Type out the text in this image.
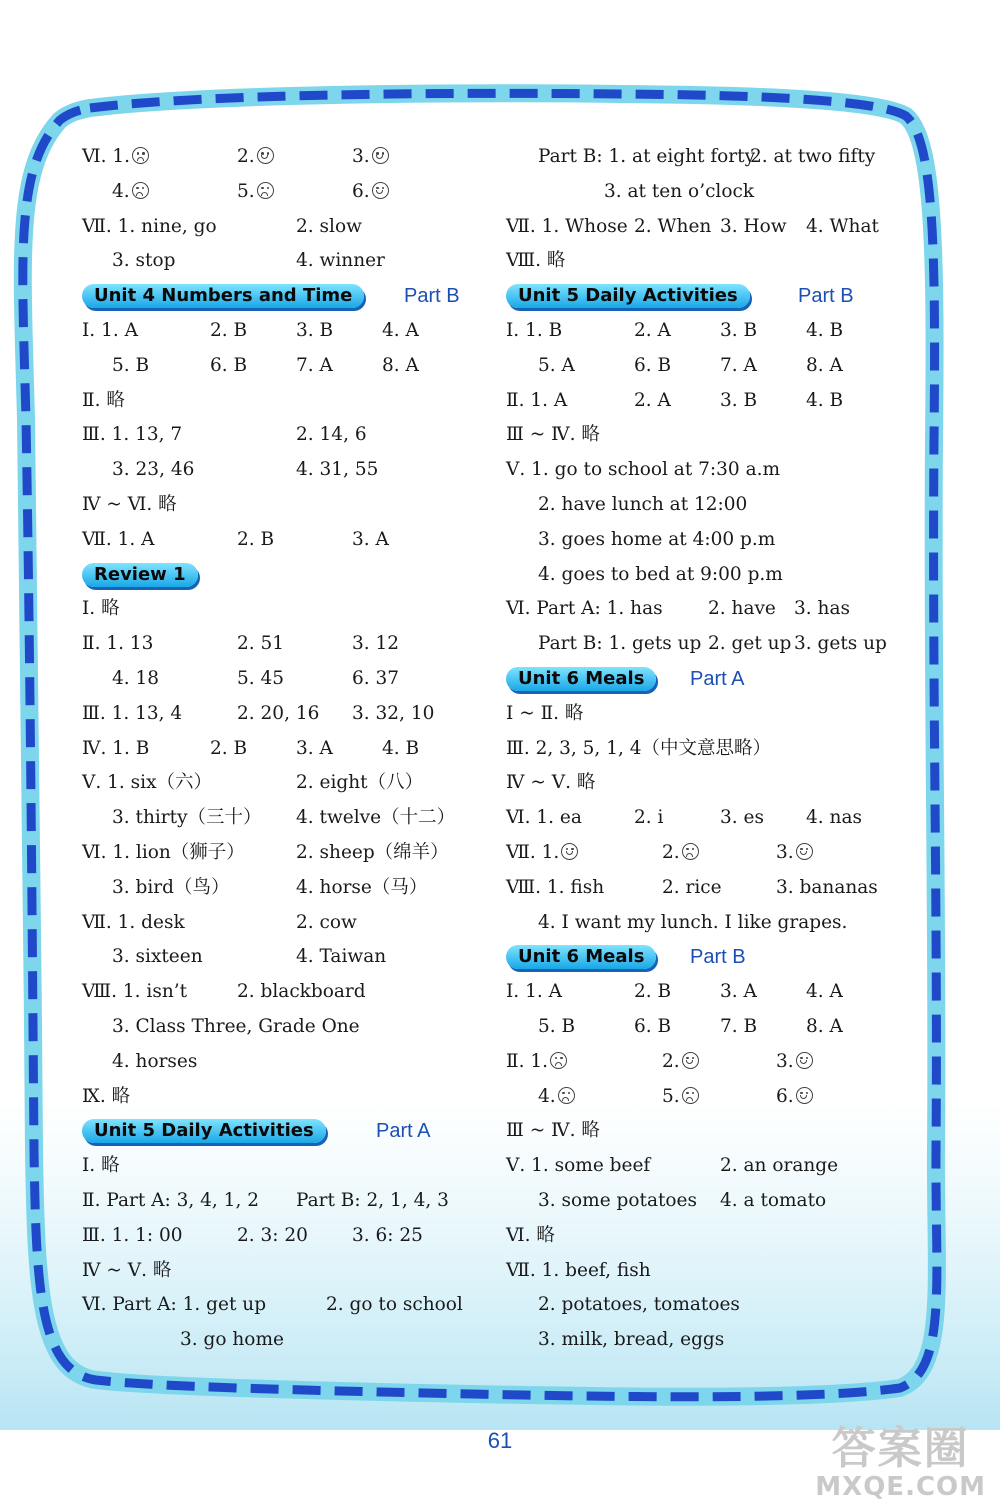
Ⅵ. 1.	2.	3.
4.	5.	6.
Ⅶ. 1. nine, go	2. slow
3. stop	4. winner
Unit 4 Numbers and Time	Part B
Ⅰ. 1. A	2. B	3. B	4. A
5. B	6. B	7. A	8. A
Ⅱ. 略
Ⅲ. 1. 13, 7	2. 14, 6
3. 23, 46	4. 31, 55
Ⅳ ~ Ⅵ. 略
Ⅶ. 1. A	2. B	3. A
Review 1
Ⅰ. 略
Ⅱ. 1. 13	2. 51	3. 12
4. 18	5. 45	6. 37
Ⅲ. 1. 13, 4	2. 20, 16 3. 32, 10
Ⅳ. 1. B	2. B	3. A	4. B
Ⅴ. 1. six（六）	2. eight（八）
3. thirty（三十） 4. twelve（十二）
Ⅵ. 1. lion（狮子）	2. sheep（绵羊）
3. bird（鸟）	4. horse（马）
Ⅶ. 1. desk	2. cow
3. sixteen	4. Taiwan
Ⅷ. 1. isn’t	2. blackboard
3. Class Three, Grade One
4. horses
Ⅸ. 略
Unit 5 Daily Activities	Part A
Ⅰ. 略
Ⅱ. Part A: 3, 4, 1, 2 Part B: 2, 1, 4, 3
Ⅲ. 1. 1: 00	2. 3: 20 3. 6: 25
Ⅳ ~ Ⅴ. 略
Ⅵ. Part A: 1. get up	2. go to school
3. go home
Part B: 1. at eight forty
2. at two fifty
3. at ten o’clock
Ⅶ. 1. Whose 2. When 3. How 4. What
Ⅷ. 略
Unit 5 Daily Activities	Part B
Ⅰ. 1. B	2. A	3. B	4. B
5. A	6. B	7. A	8. A
Ⅱ. 1. A	2. A	3. B	4. B
Ⅲ ~ Ⅳ. 略
Ⅴ. 1. go to school at 7:30 a.m
2. have lunch at 12:00
3. goes home at 4:00 p.m
4. goes to bed at 9:00 p.m
Ⅵ. Part A: 1. has 2. have 3. has
Part B: 1. gets up 2. get up 3. gets up
Unit 6 Meals	Part A
Ⅰ ~ Ⅱ. 略
Ⅲ. 2, 3, 5, 1, 4（中文意思略）
Ⅳ ~ Ⅴ. 略
Ⅵ. 1. ea	2. i	3. es 4. nas
Ⅶ. 1.	2.	3.
Ⅷ. 1. fish	2. rice	3. bananas
4. I want my lunch. I like grapes.
Unit 6 Meals	Part B
Ⅰ. 1. A	2. B	3. A	4. A
5. B	6. B	7. B	8. A
Ⅱ. 1.	2.	3.
4.	5.	6.
Ⅲ ~ Ⅳ. 略
Ⅴ. 1. some beef	2. an orange
3. some potatoes 4. a tomato
Ⅵ. 略
Ⅶ. 1. beef, fish
2. potatoes, tomatoes
3. milk, bread, eggs
61	答案圈
MXQE.COM
